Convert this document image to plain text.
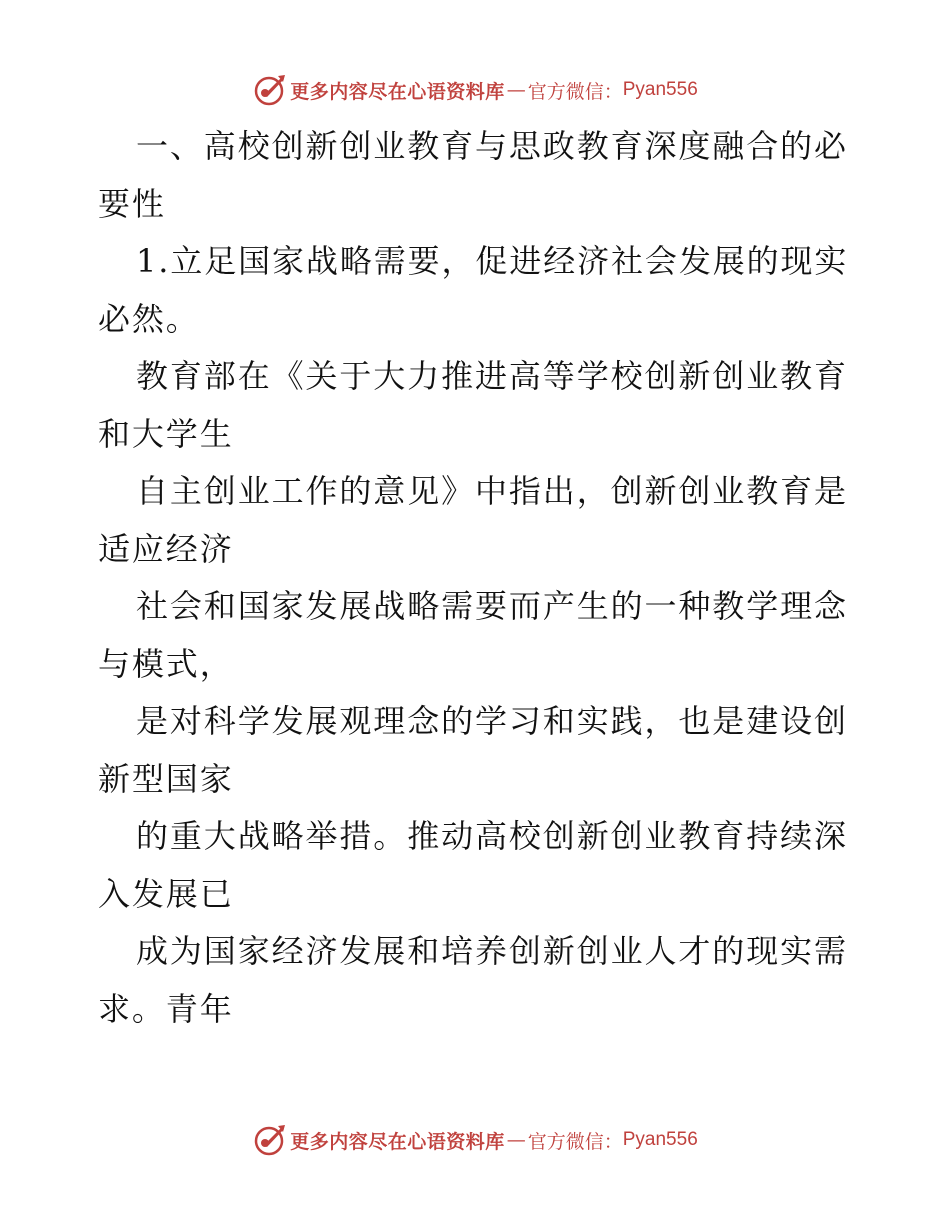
更多内容尽在心语资料库 — 官方微信： Pyan556

一、高校创新创业教育与思政教育深度融合的必要性

1.立足国家战略需要，促进经济社会发展的现实必然。

教育部在《关于大力推进高等学校创新创业教育和大学生

自主创业工作的意见》中指出，创新创业教育是适应经济

社会和国家发展战略需要而产生的一种教学理念与模式，

是对科学发展观理念的学习和实践，也是建设创新型国家

的重大战略举措。推动高校创新创业教育持续深入发展已

成为国家经济发展和培养创新创业人才的现实需求。青年

更多内容尽在心语资料库 — 官方微信： Pyan556
